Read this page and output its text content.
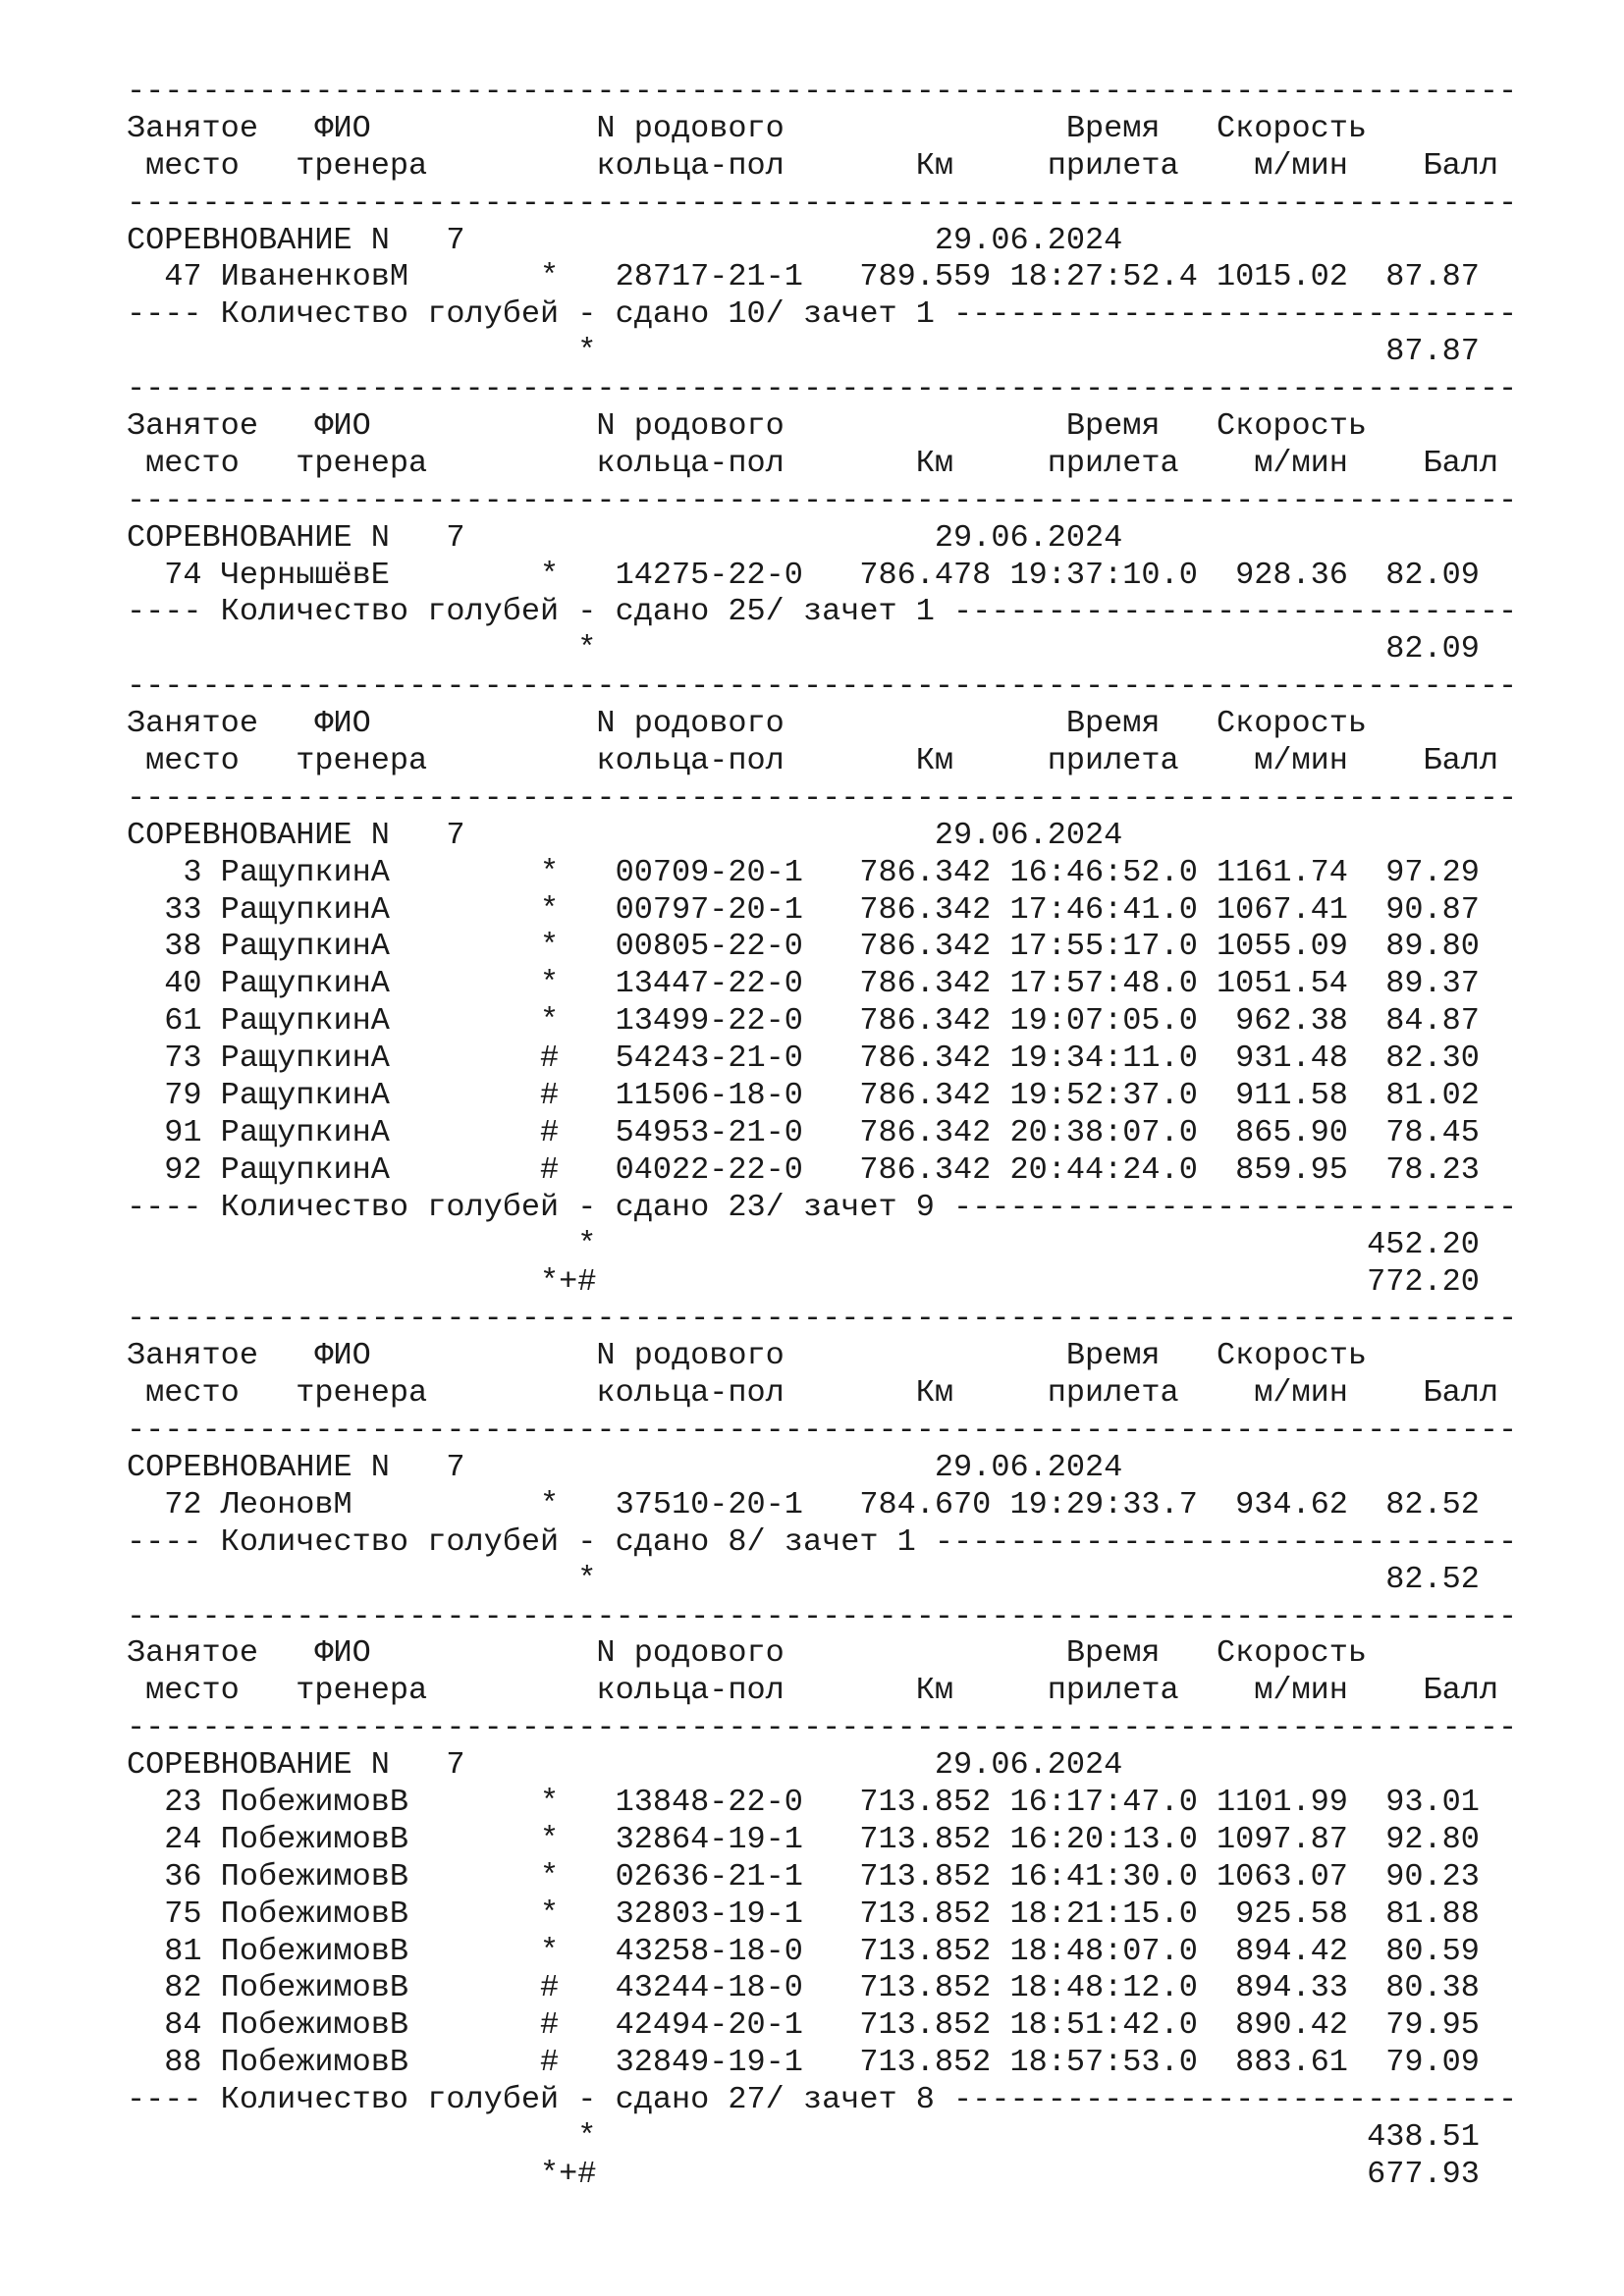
--------------------------------------------------------------------------
Занятое   ФИО            N родового               Время   Скорость
место   тренера         кольца-пол       Км     прилета    м/мин    Балл
--------------------------------------------------------------------------
СОРЕВНОВАНИЕ N   7                         29.06.2024
47 ИваненковМ       *   28717-21-1   789.559 18:27:52.4 1015.02  87.87
---- Количество голубей - сдано 10/ зачет 1 ------------------------------
*                                          87.87
--------------------------------------------------------------------------
Занятое   ФИО            N родового               Время   Скорость
место   тренера         кольца-пол       Км     прилета    м/мин    Балл
--------------------------------------------------------------------------
СОРЕВНОВАНИЕ N   7                         29.06.2024
74 ЧернышёвЕ        *   14275-22-0   786.478 19:37:10.0  928.36  82.09
---- Количество голубей - сдано 25/ зачет 1 ------------------------------
*                                          82.09
--------------------------------------------------------------------------
Занятое   ФИО            N родового               Время   Скорость
место   тренера         кольца-пол       Км     прилета    м/мин    Балл
--------------------------------------------------------------------------
СОРЕВНОВАНИЕ N   7                         29.06.2024
3 РащупкинА        *   00709-20-1   786.342 16:46:52.0 1161.74  97.29
33 РащупкинА        *   00797-20-1   786.342 17:46:41.0 1067.41  90.87
38 РащупкинА        *   00805-22-0   786.342 17:55:17.0 1055.09  89.80
40 РащупкинА        *   13447-22-0   786.342 17:57:48.0 1051.54  89.37
61 РащупкинА        *   13499-22-0   786.342 19:07:05.0  962.38  84.87
73 РащупкинА        #   54243-21-0   786.342 19:34:11.0  931.48  82.30
79 РащупкинА        #   11506-18-0   786.342 19:52:37.0  911.58  81.02
91 РащупкинА        #   54953-21-0   786.342 20:38:07.0  865.90  78.45
92 РащупкинА        #   04022-22-0   786.342 20:44:24.0  859.95  78.23
---- Количество голубей - сдано 23/ зачет 9 ------------------------------
*                                         452.20
*+#                                         772.20
--------------------------------------------------------------------------
Занятое   ФИО            N родового               Время   Скорость
место   тренера         кольца-пол       Км     прилета    м/мин    Балл
--------------------------------------------------------------------------
СОРЕВНОВАНИЕ N   7                         29.06.2024
72 ЛеоновМ          *   37510-20-1   784.670 19:29:33.7  934.62  82.52
---- Количество голубей - сдано 8/ зачет 1 -------------------------------
*                                          82.52
--------------------------------------------------------------------------
Занятое   ФИО            N родового               Время   Скорость
место   тренера         кольца-пол       Км     прилета    м/мин    Балл
--------------------------------------------------------------------------
СОРЕВНОВАНИЕ N   7                         29.06.2024
23 ПобежимовВ       *   13848-22-0   713.852 16:17:47.0 1101.99  93.01
24 ПобежимовВ       *   32864-19-1   713.852 16:20:13.0 1097.87  92.80
36 ПобежимовВ       *   02636-21-1   713.852 16:41:30.0 1063.07  90.23
75 ПобежимовВ       *   32803-19-1   713.852 18:21:15.0  925.58  81.88
81 ПобежимовВ       *   43258-18-0   713.852 18:48:07.0  894.42  80.59
82 ПобежимовВ       #   43244-18-0   713.852 18:48:12.0  894.33  80.38
84 ПобежимовВ       #   42494-20-1   713.852 18:51:42.0  890.42  79.95
88 ПобежимовВ       #   32849-19-1   713.852 18:57:53.0  883.61  79.09
---- Количество голубей - сдано 27/ зачет 8 ------------------------------
*                                         438.51
*+#                                         677.93
